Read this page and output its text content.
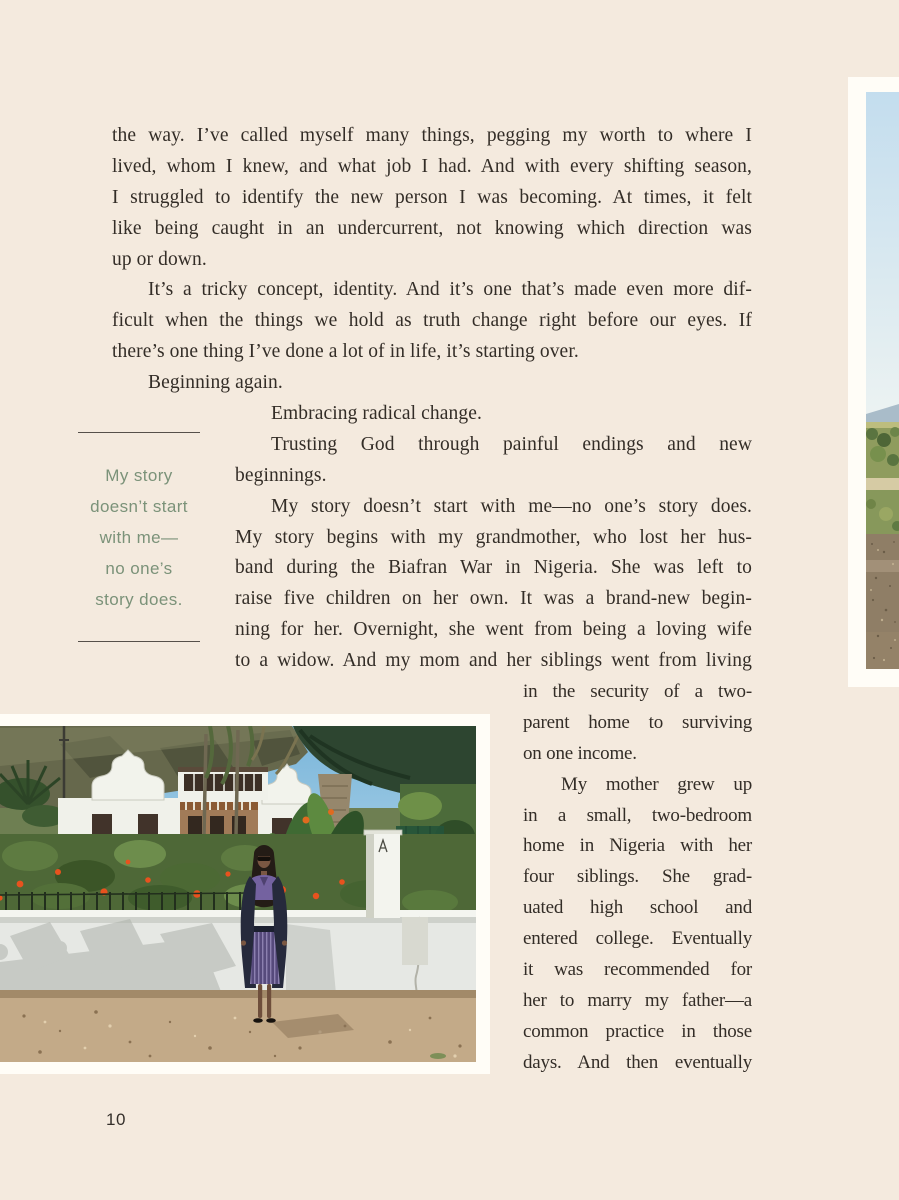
the way. I’ve called myself many things, pegging my worth to where I
lived, whom I knew, and what job I had. And with every shifting season,
I struggled to identify the new person I was becoming. At times, it felt
like being caught in an undercurrent, not knowing which direction was
up or down.
It’s a tricky concept, identity. And it’s one that’s made even more dif-
ficult when the things we hold as truth change right before our eyes. If
there’s one thing I’ve done a lot of in life, it’s starting over.
Beginning again.
Embracing radical change.
Trusting God through painful endings and new
beginnings.
My story doesn’t start with me—no one’s story does.
My story begins with my grandmother, who lost her hus-
band during the Biafran War in Nigeria. She was left to
raise five children on her own. It was a brand-new begin-
ning for her. Overnight, she went from being a loving wife
to a widow. And my mom and her siblings went from living
in the security of a two-
parent home to surviving
on one income.
My mother grew up
in a small, two-bedroom
home in Nigeria with her
four siblings. She grad-
uated high school and
entered college. Eventually
it was recommended for
her to marry my father—a
common practice in those
days. And then eventually
My story
doesn’t start
with me—
no one’s
story does.
10
